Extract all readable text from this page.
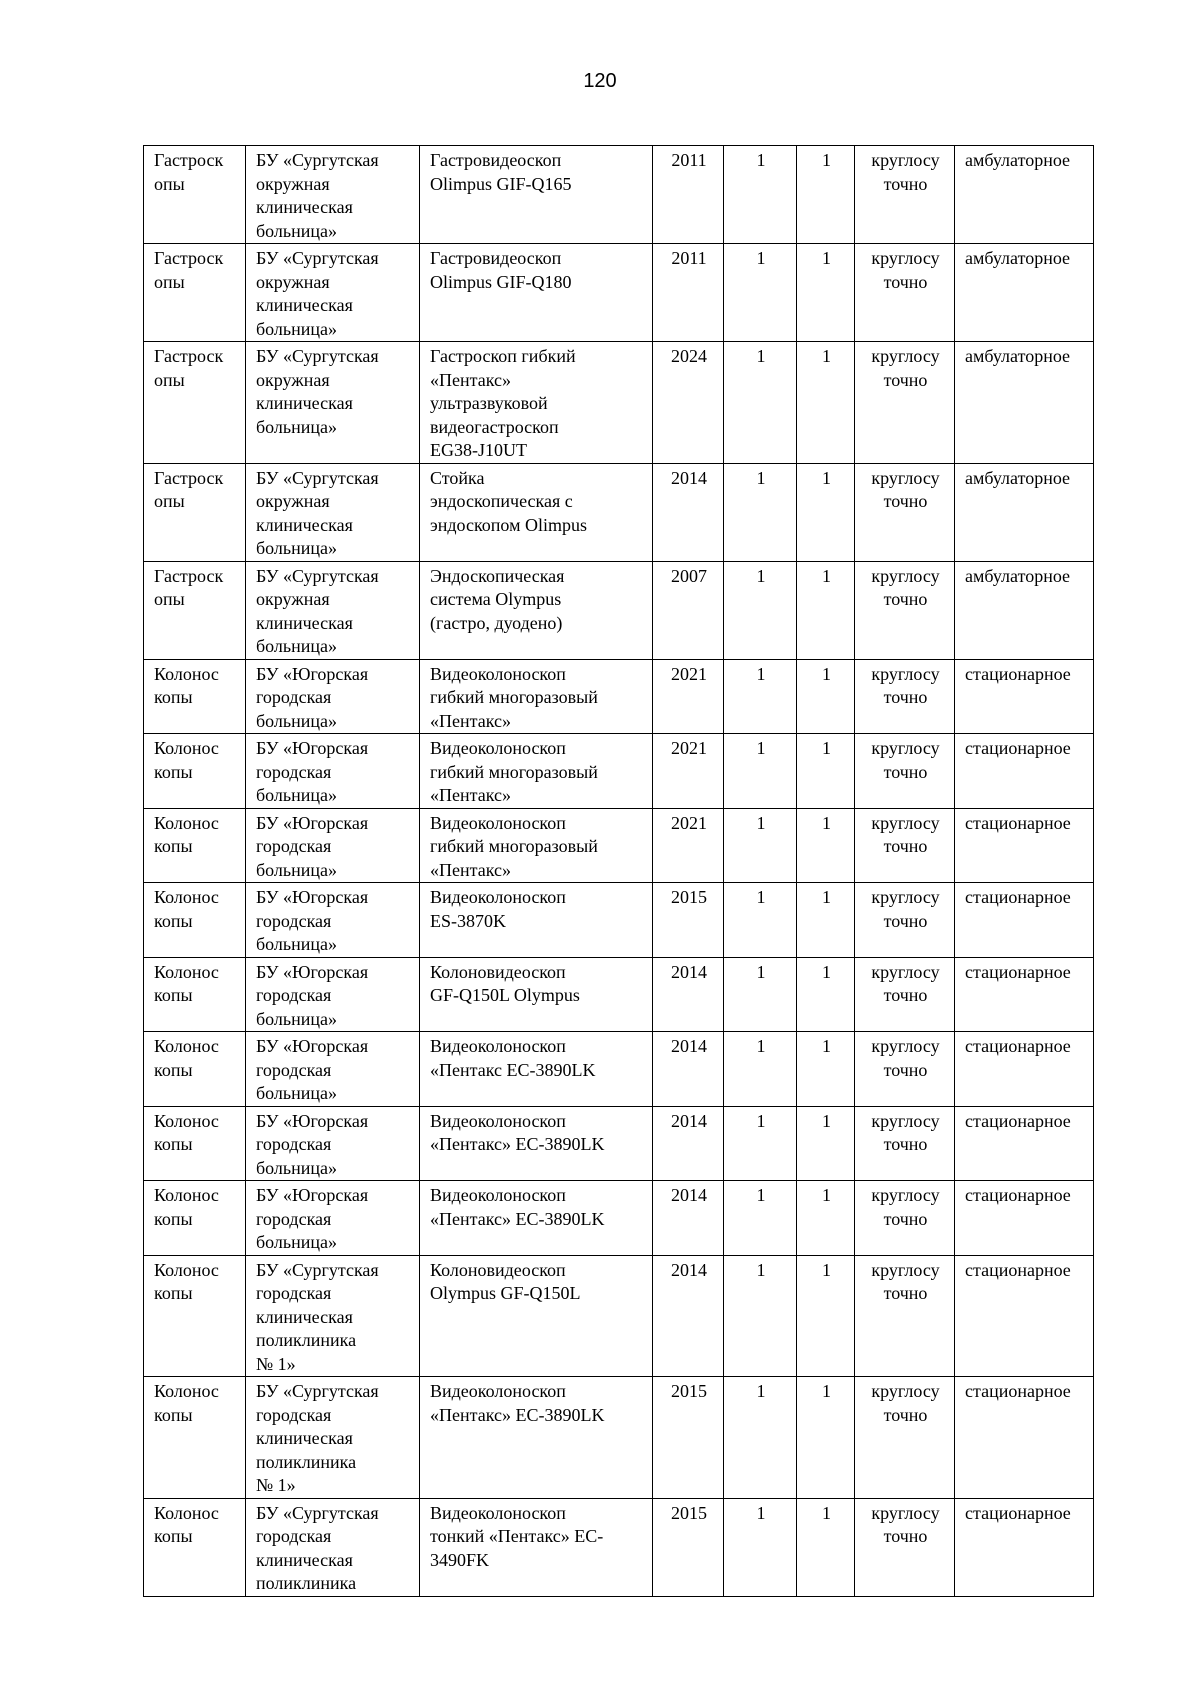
120
Гастроск
опы	БУ «Сургутская
окружная
клиническая
больница»	Гастровидеоскоп
Olimpus GIF-Q165	2011	1	1	круглосу
точно	амбулаторное
Гастроск
опы	БУ «Сургутская
окружная
клиническая
больница»	Гастровидеоскоп
Olimpus GIF-Q180	2011	1	1	круглосу
точно	амбулаторное
Гастроск
опы	БУ «Сургутская
окружная
клиническая
больница»	Гастроскоп гибкий
«Пентакс»
ультразвуковой
видеогастроскоп
EG38-J10UT	2024	1	1	круглосу
точно	амбулаторное
Гастроск
опы	БУ «Сургутская
окружная
клиническая
больница»	Стойка
эндоскопическая с
эндоскопом Olimpus	2014	1	1	круглосу
точно	амбулаторное
Гастроск
опы	БУ «Сургутская
окружная
клиническая
больница»	Эндоскопическая
система Olympus
(гастро, дуодено)	2007	1	1	круглосу
точно	амбулаторное
Колонос
копы	БУ «Югорская
городская
больница»	Видеоколоноскоп
гибкий многоразовый
«Пентакс»	2021	1	1	круглосу
точно	стационарное
Колонос
копы	БУ «Югорская
городская
больница»	Видеоколоноскоп
гибкий многоразовый
«Пентакс»	2021	1	1	круглосу
точно	стационарное
Колонос
копы	БУ «Югорская
городская
больница»	Видеоколоноскоп
гибкий многоразовый
«Пентакс»	2021	1	1	круглосу
точно	стационарное
Колонос
копы	БУ «Югорская
городская
больница»	Видеоколоноскоп
ES-3870K	2015	1	1	круглосу
точно	стационарное
Колонос
копы	БУ «Югорская
городская
больница»	Колоновидеоскоп
GF-Q150L Olympus	2014	1	1	круглосу
точно	стационарное
Колонос
копы	БУ «Югорская
городская
больница»	Видеоколоноскоп
«Пентакс EC-3890LK	2014	1	1	круглосу
точно	стационарное
Колонос
копы	БУ «Югорская
городская
больница»	Видеоколоноскоп
«Пентакс» EC-3890LK	2014	1	1	круглосу
точно	стационарное
Колонос
копы	БУ «Югорская
городская
больница»	Видеоколоноскоп
«Пентакс» EC-3890LK	2014	1	1	круглосу
точно	стационарное
Колонос
копы	БУ «Сургутская
городская
клиническая
поликлиника
№ 1»	Колоновидеоскоп
Olympus GF-Q150L	2014	1	1	круглосу
точно	стационарное
Колонос
копы	БУ «Сургутская
городская
клиническая
поликлиника
№ 1»	Видеоколоноскоп
«Пентакс» EC-3890LK	2015	1	1	круглосу
точно	стационарное
Колонос
копы	БУ «Сургутская
городская
клиническая
поликлиника	Видеоколоноскоп
тонкий «Пентакс» EC-
3490FK	2015	1	1	круглосу
точно	стационарное
